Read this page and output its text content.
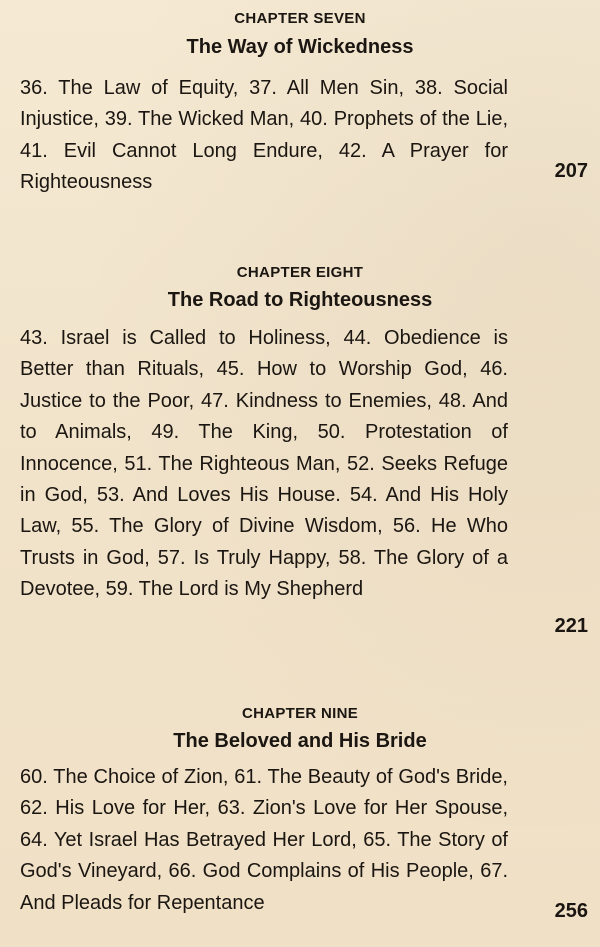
CHAPTER SEVEN
The Way of Wickedness

36. The Law of Equity, 37. All Men Sin, 38. Social Injustice, 39. The Wicked Man, 40. Prophets of the Lie, 41. Evil Cannot Long Endure, 42. A Prayer for Righteousness

207
CHAPTER EIGHT
The Road to Righteousness

43. Israel is Called to Holiness, 44. Obedience is Better than Rituals, 45. How to Worship God, 46. Justice to the Poor, 47. Kindness to Enemies, 48. And to Animals, 49. The King, 50. Protestation of Innocence, 51. The Righteous Man, 52. Seeks Refuge in God, 53. And Loves His House. 54. And His Holy Law, 55. The Glory of Divine Wisdom, 56. He Who Trusts in God, 57. Is Truly Happy, 58. The Glory of a Devotee, 59. The Lord is My Shepherd

221
CHAPTER NINE
The Beloved and His Bride

60. The Choice of Zion, 61. The Beauty of God's Bride, 62. His Love for Her, 63. Zion's Love for Her Spouse, 64. Yet Israel Has Betrayed Her Lord, 65. The Story of God's Vineyard, 66. God Complains of His People, 67. And Pleads for Repentance	256
